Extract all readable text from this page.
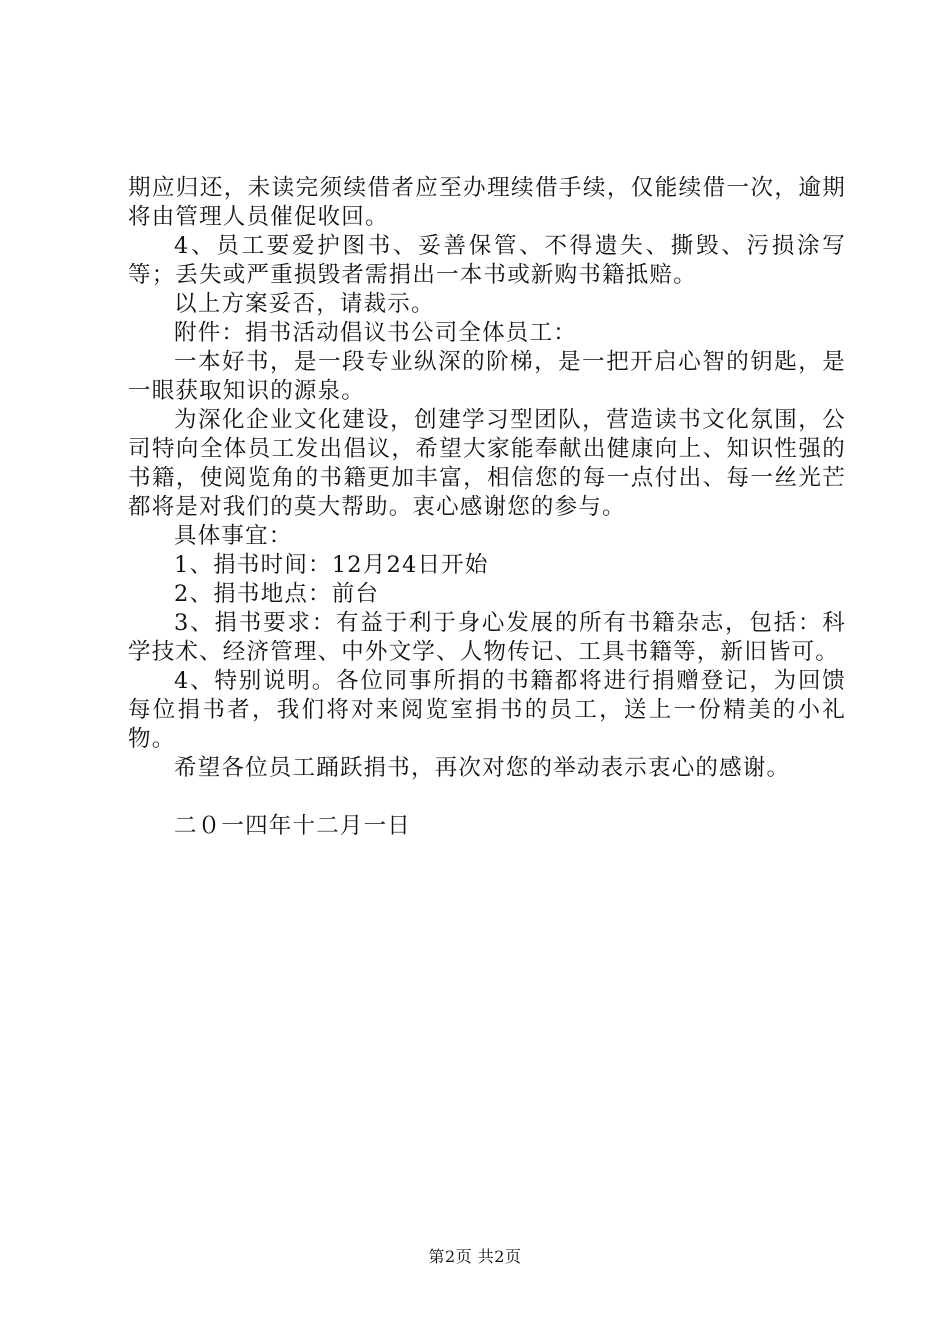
期应归还，未读完须续借者应至办理续借手续，仅能续借一次，逾期将由管理人员催促收回。

4、员工要爱护图书、妥善保管、不得遗失、撕毁、污损涂写等；丢失或严重损毁者需捐出一本书或新购书籍抵赔。

以上方案妥否，请裁示。

附件：捐书活动倡议书公司全体员工：

一本好书，是一段专业纵深的阶梯，是一把开启心智的钥匙，是一眼获取知识的源泉。

为深化企业文化建设，创建学习型团队，营造读书文化氛围，公司特向全体员工发出倡议，希望大家能奉献出健康向上、知识性强的书籍，使阅览角的书籍更加丰富，相信您的每一点付出、每一丝光芒都将是对我们的莫大帮助。衷心感谢您的参与。

具体事宜：

1、捐书时间：12月24日开始

2、捐书地点：前台

3、捐书要求：有益于利于身心发展的所有书籍杂志，包括：科学技术、经济管理、中外文学、人物传记、工具书籍等，新旧皆可。

4、特别说明。各位同事所捐的书籍都将进行捐赠登记，为回馈每位捐书者，我们将对来阅览室捐书的员工，送上一份精美的小礼物。

希望各位员工踊跃捐书，再次对您的举动表示衷心的感谢。

二０一四年十二月一日

第2页 共2页
